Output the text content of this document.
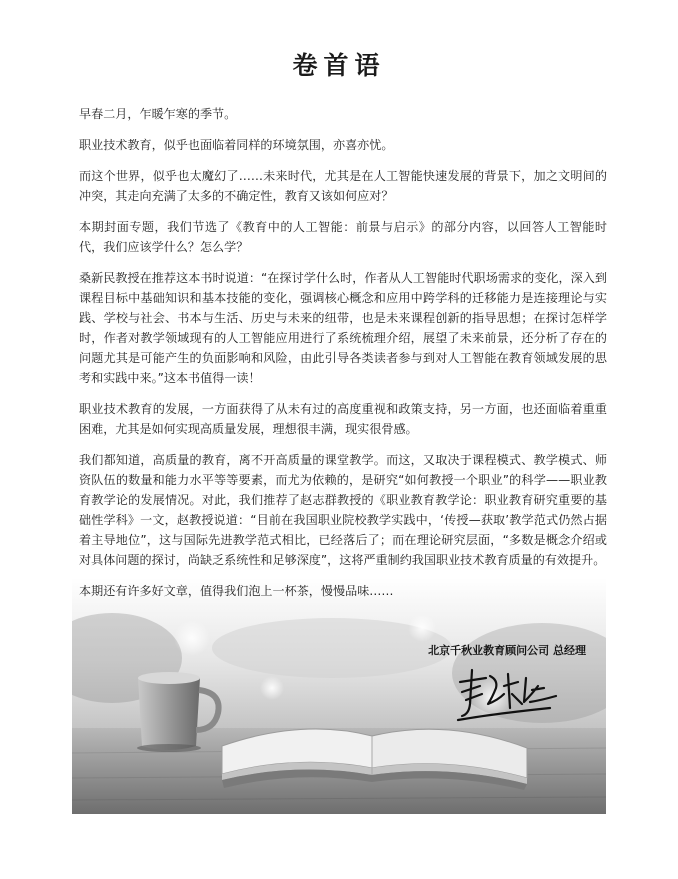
卷首语

早春二月，乍暖乍寒的季节。

职业技术教育，似乎也面临着同样的环境氛围，亦喜亦忧。

而这个世界，似乎也太魔幻了……未来时代，尤其是在人工智能快速发展的背景下，加之文明间的冲突，其走向充满了太多的不确定性，教育又该如何应对？

本期封面专题，我们节选了《教育中的人工智能：前景与启示》的部分内容，以回答人工智能时代，我们应该学什么？怎么学？

桑新民教授在推荐这本书时说道：“在探讨学什么时，作者从人工智能时代职场需求的变化，深入到课程目标中基础知识和基本技能的变化，强调核心概念和应用中跨学科的迁移能力是连接理论与实践、学校与社会、书本与生活、历史与未来的纽带，也是未来课程创新的指导思想；在探讨怎样学时，作者对教学领域现有的人工智能应用进行了系统梳理介绍，展望了未来前景，还分析了存在的问题尤其是可能产生的负面影响和风险，由此引导各类读者参与到对人工智能在教育领域发展的思考和实践中来。”这本书值得一读！

职业技术教育的发展，一方面获得了从未有过的高度重视和政策支持，另一方面，也还面临着重重困难，尤其是如何实现高质量发展，理想很丰满，现实很骨感。

我们都知道，高质量的教育，离不开高质量的课堂教学。而这，又取决于课程模式、教学模式、师资队伍的数量和能力水平等等要素，而尤为依赖的，是研究“如何教授一个职业”的科学——职业教育教学论的发展情况。对此，我们推荐了赵志群教授的《职业教育教学论：职业教育研究重要的基础性学科》一文，赵教授说道：“目前在我国职业院校教学实践中，‘传授—获取’教学范式仍然占据着主导地位”，这与国际先进教学范式相比，已经落后了；而在理论研究层面，“多数是概念介绍或对具体问题的探讨，尚缺乏系统性和足够深度”，这将严重制约我国职业技术教育质量的有效提升。

本期还有许多好文章，值得我们泡上一杯茶，慢慢品味……

北京千秋业教育顾问公司 总经理
